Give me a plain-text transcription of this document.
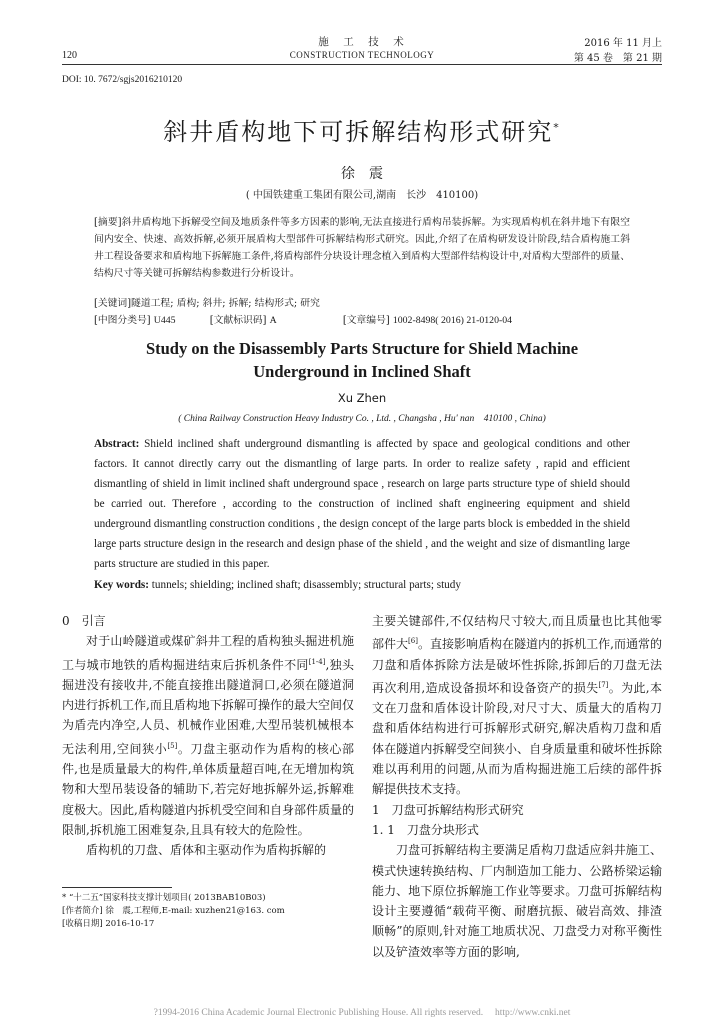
施　工　技　术	2016 年 11 月上
120	CONSTRUCTION TECHNOLOGY	第 45 卷　第 21 期
DOI: 10. 7672/sgjs2016210120
斜井盾构地下可拆解结构形式研究*
徐　震
( 中国铁建重工集团有限公司,湖南　长沙　410100)
[摘要]斜井盾构地下拆解受空间及地质条件等多方因素的影响,无法直接进行盾构吊装拆解。为实现盾构机在斜井地下有限空间内安全、快速、高效拆解,必须开展盾构大型部件可拆解结构形式研究。因此,介绍了在盾构研发设计阶段,结合盾构施工斜井工程设备要求和盾构地下拆解施工条件,将盾构部件分块设计理念植入到盾构大型部件结构设计中,对盾构大型部件的质量、结构尺寸等关键可拆解结构参数进行分析设计。
[关键词]隧道工程; 盾构; 斜井; 拆解; 结构形式; 研究
[中图分类号] U445	[文献标识码] A	[文章编号] 1002-8498( 2016) 21-0120-04
Study on the Disassembly Parts Structure for Shield Machine
Underground in Inclined Shaft
Xu Zhen
( China Railway Construction Heavy Industry Co. , Ltd. , Changsha , Hu' nan　410100 , China)
Abstract: Shield inclined shaft underground dismantling is affected by space and geological conditions and other factors. It cannot directly carry out the dismantling of large parts. In order to realize safety , rapid and efficient dismantling of shield in limit inclined shaft underground space , research on large parts structure type of shield should be carried out. Therefore , according to the construction of inclined shaft engineering equipment and shield underground dismantling construction conditions , the design concept of the large parts block is embedded in the shield large parts structure design in the research and design phase of the shield , and the weight and size of dismantling large parts structure are studied in this paper.
Key words: tunnels; shielding; inclined shaft; disassembly; structural parts; study

0　引言

对于山岭隧道或煤矿斜井工程的盾构独头掘进机施工与城市地铁的盾构掘进结束后拆机条件不同[1-4],独头掘进没有接收井,不能直接推出隧道洞口,必须在隧道洞内进行拆机工作,而且盾构地下拆解可操作的最大空间仅为盾壳内净空,人员、机械作业困难,大型吊装机械根本无法利用,空间狭小[5]。刀盘主驱动作为盾构的核心部件,也是质量最大的构件,单体质量超百吨,在无增加构筑物和大型吊装设备的辅助下,若完好地拆解外运,拆解难度极大。因此,盾构隧道内拆机受空间和自身部件质量的限制,拆机施工困难复杂,且具有较大的危险性。

盾构机的刀盘、盾体和主驱动作为盾构拆解的

* “十二五”国家科技支撑计划项目( 2013BAB10B03)
[作者简介] 徐　震,工程师,E-mail: xuzhen21@163. com
[收稿日期] 2016-10-17

主要关键部件,不仅结构尺寸较大,而且质量也比其他零部件大[6]。直接影响盾构在隧道内的拆机工作,而通常的刀盘和盾体拆除方法是破坏性拆除,拆卸后的刀盘无法再次利用,造成设备损坏和设备资产的损失[7]。为此,本文在刀盘和盾体设计阶段,对尺寸大、质量大的盾构刀盘和盾体结构进行可拆解形式研究,解决盾构刀盘和盾体在隧道内拆解受空间狭小、自身质量重和破坏性拆除难以再利用的问题,从而为盾构掘进施工后续的部件拆解提供技术支持。

1　刀盘可拆解结构形式研究

1. 1　刀盘分块形式

刀盘可拆解结构主要满足盾构刀盘适应斜井施工、模式快速转换结构、厂内制造加工能力、公路桥梁运输能力、地下原位拆解施工作业等要求。刀盘可拆解结构设计主要遵循“载荷平衡、耐磨抗振、破岩高效、排渣顺畅”的原则,针对施工地质状况、刀盘受力对称平衡性以及铲渣效率等方面的影响,

?1994-2016 China Academic Journal Electronic Publishing House. All rights reserved.　 http://www.cnki.net
